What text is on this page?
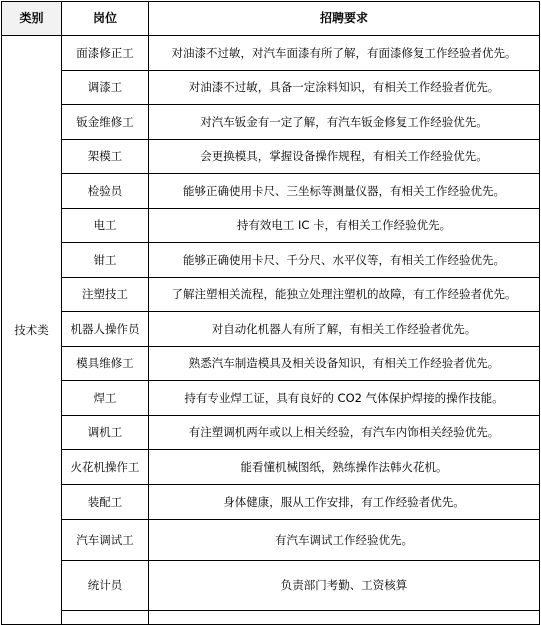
类别	岗位	招聘要求
技术类	面漆修正工	对油漆不过敏，对汽车面漆有所了解，有面漆修复工作经验者优先。
	调漆工	对油漆不过敏，具备一定涂料知识，有相关工作经验者优先。
	钣金维修工	对汽车钣金有一定了解，有汽车钣金修复工作经验优先。
	架模工	会更换模具，掌握设备操作规程，有相关工作经验优先。
	检验员	能够正确使用卡尺、三坐标等测量仪器，有相关工作经验优先。
	电工	持有效电工 IC 卡，有相关工作经验优先。
	钳工	能够正确使用卡尺、千分尺、水平仪等，有相关工作经验优先。
	注塑技工	了解注塑相关流程，能独立处理注塑机的故障，有工作经验者优先。
	机器人操作员	对自动化机器人有所了解，有相关工作经验者优先。
	模具维修工	熟悉汽车制造模具及相关设备知识，有相关工作经验者优先。
	焊工	持有专业焊工证，具有良好的 CO2 气体保护焊接的操作技能。
	调机工	有注塑调机两年或以上相关经验，有汽车内饰相关经验优先。
	火花机操作工	能看懂机械图纸，熟练操作法韩火花机。
	装配工	身体健康，服从工作安排，有工作经验者优先。
	汽车调试工	有汽车调试工作经验优先。
	统计员	负责部门考勤、工资核算
